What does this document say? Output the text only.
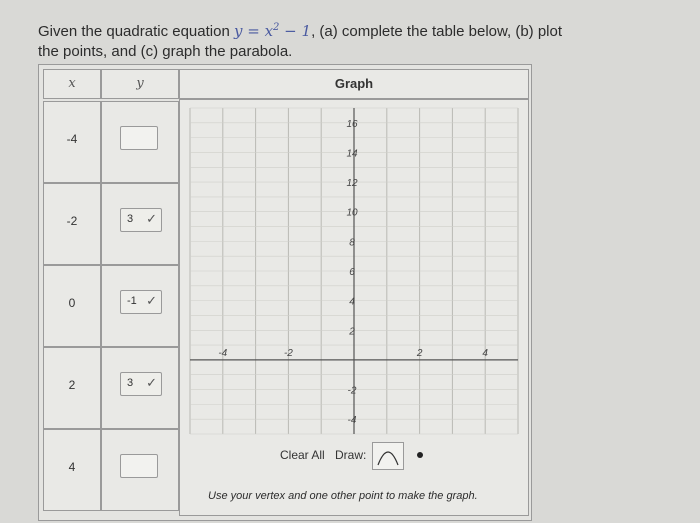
Given the quadratic equation $y = x^2 - 1$, (a) complete the table below, (b) plot
the points, and (c) graph the parabola.
x	y	Graph
-4
-2	3 ✓
0	-1 ✓
2	3 ✓
4
-4	-2	2	4
16
14
12
10
8
6
4
2
-2
-4
Clear All Draw:
Use your vertex and one other point to make the graph.
